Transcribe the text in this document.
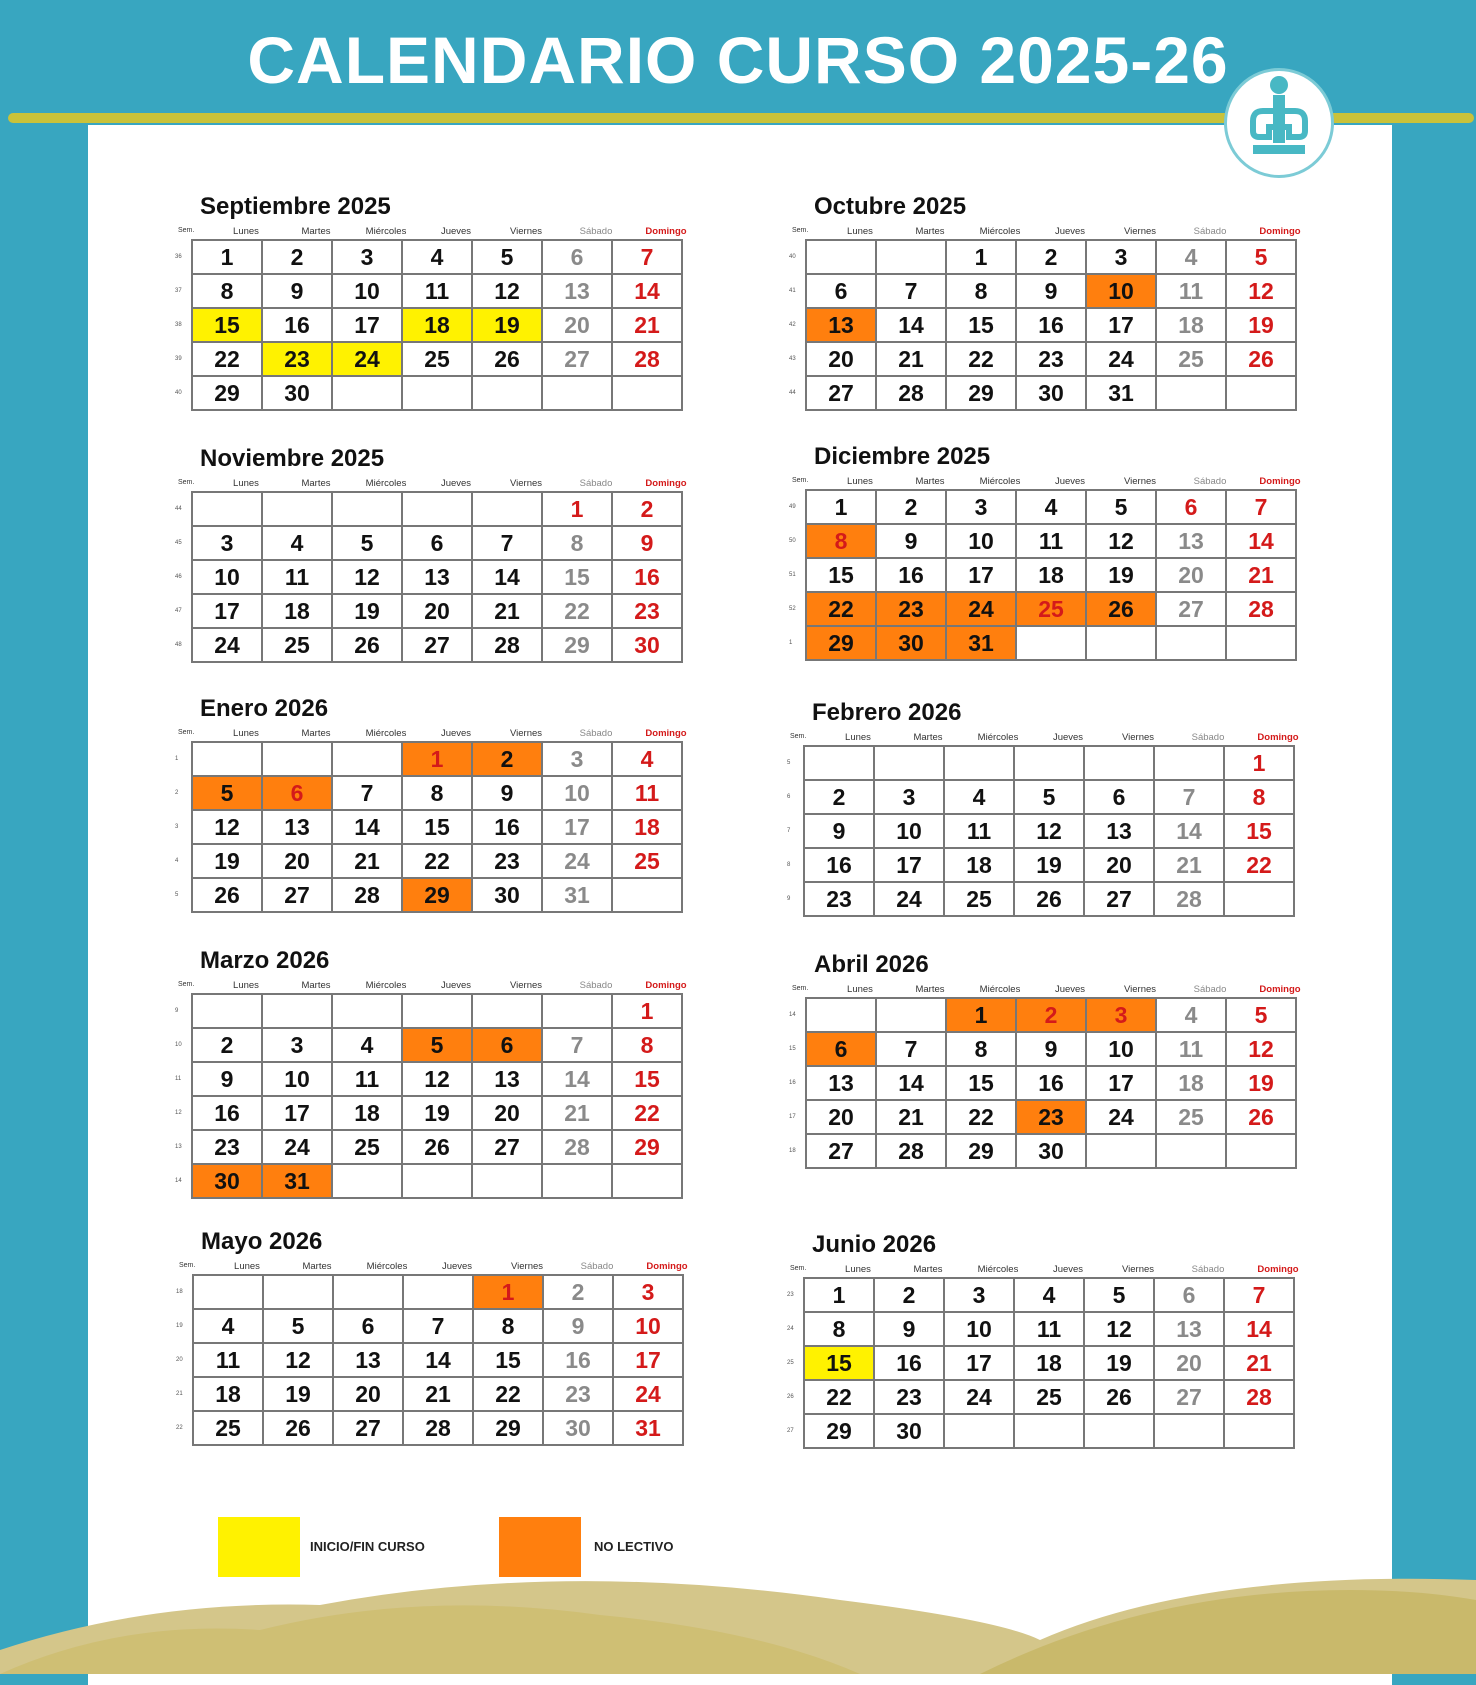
CALENDARIO CURSO 2025-26
Septiembre 2025
Sem.	Lunes	Martes	Miércoles	Jueves	Viernes	Sábado	Domingo
36	1	2	3	4	5	6	7
37	8	9	10	11	12	13	14
38	15	16	17	18	19	20	21
39	22	23	24	25	26	27	28
40	29	30					
Octubre 2025
Sem.	Lunes	Martes	Miércoles	Jueves	Viernes	Sábado	Domingo
40			1	2	3	4	5
41	6	7	8	9	10	11	12
42	13	14	15	16	17	18	19
43	20	21	22	23	24	25	26
44	27	28	29	30	31		
Noviembre 2025
Sem.	Lunes	Martes	Miércoles	Jueves	Viernes	Sábado	Domingo
44						1	2
45	3	4	5	6	7	8	9
46	10	11	12	13	14	15	16
47	17	18	19	20	21	22	23
48	24	25	26	27	28	29	30
Diciembre 2025
Sem.	Lunes	Martes	Miércoles	Jueves	Viernes	Sábado	Domingo
49	1	2	3	4	5	6	7
50	8	9	10	11	12	13	14
51	15	16	17	18	19	20	21
52	22	23	24	25	26	27	28
1	29	30	31				
Enero 2026
Sem.	Lunes	Martes	Miércoles	Jueves	Viernes	Sábado	Domingo
1				1	2	3	4
2	5	6	7	8	9	10	11
3	12	13	14	15	16	17	18
4	19	20	21	22	23	24	25
5	26	27	28	29	30	31	
Febrero 2026
Sem.	Lunes	Martes	Miércoles	Jueves	Viernes	Sábado	Domingo
5							1
6	2	3	4	5	6	7	8
7	9	10	11	12	13	14	15
8	16	17	18	19	20	21	22
9	23	24	25	26	27	28	
Marzo 2026
Sem.	Lunes	Martes	Miércoles	Jueves	Viernes	Sábado	Domingo
9							1
10	2	3	4	5	6	7	8
11	9	10	11	12	13	14	15
12	16	17	18	19	20	21	22
13	23	24	25	26	27	28	29
14	30	31					
Abril 2026
Sem.	Lunes	Martes	Miércoles	Jueves	Viernes	Sábado	Domingo
14			1	2	3	4	5
15	6	7	8	9	10	11	12
16	13	14	15	16	17	18	19
17	20	21	22	23	24	25	26
18	27	28	29	30			
Mayo 2026
Sem.	Lunes	Martes	Miércoles	Jueves	Viernes	Sábado	Domingo
18					1	2	3
19	4	5	6	7	8	9	10
20	11	12	13	14	15	16	17
21	18	19	20	21	22	23	24
22	25	26	27	28	29	30	31
Junio 2026
Sem.	Lunes	Martes	Miércoles	Jueves	Viernes	Sábado	Domingo
23	1	2	3	4	5	6	7
24	8	9	10	11	12	13	14
25	15	16	17	18	19	20	21
26	22	23	24	25	26	27	28
27	29	30					
INICIO/FIN CURSO	NO LECTIVO
